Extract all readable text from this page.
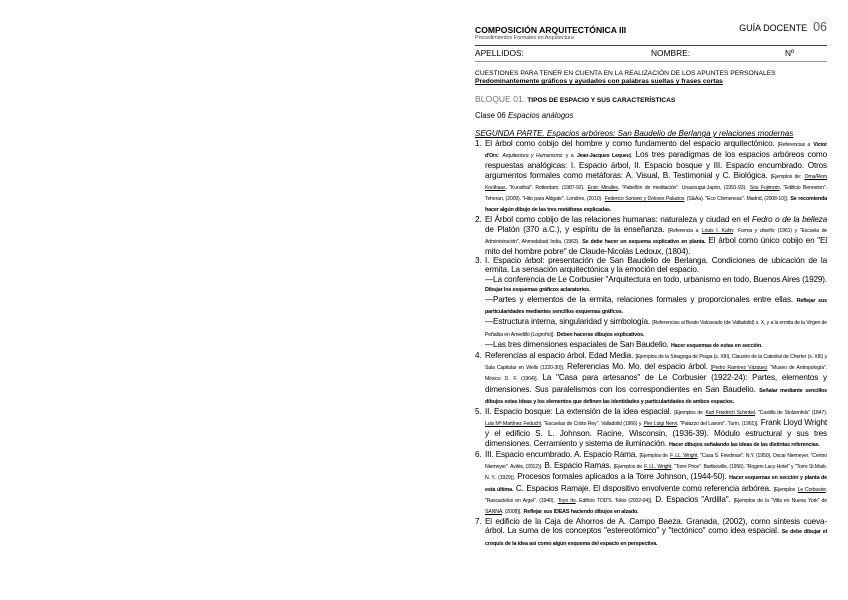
COMPOSICIÓN ARQUITECTÓNICA III	GUÍA DOCENTE 06
Procedimientos Formales en Arquitectura
APELLIDOS:	NOMBRE:	Nº
CUESTIONES PARA TENER EN CUENTA EN LA REALIZACIÓN DE LOS APUNTES PERSONALES
Predominantemente gráficos y ayudados con palabras sueltas y frases cortas
BLOQUE 01. TIPOS DE ESPACIO Y SUS CARACTERÍSTICAS
Clase 06 Espacios análogos
SEGUNDA PARTE. Espacios arbóreos: San Baudelio de Berlanga y relaciones modernas
1. El árbol como cobijo del hombre y como fundamento del espacio arquitectónico. [Referencias a Víctor d'Ors: Arquitectura y Humanismo y a Jean-Jacques Lequeu]. Los tres paradigmas de los espacios arbóreos como respuestas analógicas: I. Espacio árbol, II. Espacio bosque y III. Espacio encumbrado. Otros argumentos formales como metáforas: A. Visual, B. Testimonial y C. Biológica. [Ejemplos de: Oma/Rem Koolhaas, "Kunsthal". Rotterdam, (1987-92). Enric Miralles, "Pabellón de meditación". Unazougui-Japón, (1991-93). Sou Fujimoto, "Edificio Benneton". Teheran, (2009). "Hito para Aldgate". Londres, (2010). Federico Soriano y Dolores Palacios (S&Aa). "Eco Chimeneas". Madrid, (2008-10)]. Se recomienda hacer algún dibujo de las tres metáforas explicadas.
2. El Árbol como cobijo de las relaciones humanas: naturaleza y ciudad en el Fedro o de la belleza de Platón (370 a.C.), y espíritu de la enseñanza. [Referencia a Louis I. Kahn: Forma y diseño (1961) y "Escuela de Administración", Ahmedabad India, (1963). Se debe hacer un esquema explicativo en planta. El árbol como único cobijo en "El mito del hombre pobre" de Claude-Nicolás Ledoux, (1804).
3. I. Espacio árbol: presentación de San Baudelio de Berlanga. Condiciones de ubicación de la ermita. La sensación arquitectónica y la emoción del espacio.
—La conferencia de Le Corbusier "Arquitectura en todo, urbanismo en todo, Buenos Aires (1929). Dibujar los esquemas gráficos aclaratorios.
—Partes y elementos de la ermita, relaciones formales y proporcionales entre ellas. Reflejar sus particularidades mediantes sencillos esquemas gráficos.
—Estructura interna, singularidad y simbología. [Referencias al Beato Valcavado (de Valladolid) s. X, y a la ermita de la Virgen de Peñalba en Arnedillo (Logroño)]. Deben hacerse dibujos explicativos.
—Las tres dimensiones espaciales de San Baudelio. Hacer esquemas de estas en sección.
4. Referencias al espacio árbol. Edad Media. [Ejemplos de la Sinagoga de Praga (s. XIII), Claustro de la Catedral de Cherter (s. XIII) y Sala Capitular en Wells (1220-30)]. Referencias Mo. Mo. del espacio árbol. [Pedro Ramírez Vázquez "Museo de Antropología". México D. F. (1964)]. La "Casa para artesanos" de Le Corbusier (1922-24): Partes, elementos y dimensiones. Sus paralelismos con los correspondientes en San Baudelio. Señalar mediante sencillos dibujos estas ideas y los elementos que definen las identidades y particularidades de ambos espacios.
5. II. Espacio bosque: La extensión de la idea espacial. [Ejemplos de Karl Friedrich Schinkel, "Castillo de Stolzenfels" (1847). Luis Mª Martínez Feduchi, "Escuelas de Cristo Rey". Valladolid (1966) y Pier Luigi Nervi, "Palazzo del Lavoro". Turín, (1961)]. Frank Lloyd Wright y el edificio S. L. Johnson. Racine, Wisconsin, (1936-39). Módulo estructural y sus tres dimensiones. Cerramiento y sistema de iluminación. Hacer dibujos señalando las ideas de las distintas referencias.
6. III. Espacio encumbrado. A. Espacio Rama. [Ejemplos de F. LL. Wright, "Casa S. Friedman". N.Y. (1950). Oscar Niemeyer. "Centro Niemeyer". Avilés, (2012)]. B. Espacio Ramas. [Ejemplos de F. LL. Wright, "Torre Price". Bartlesville, (1956). "Rogers Lacy Hotel" y "Torre St.Mark. N. Y., (1929)]. Procesos formales aplicados a la Torre Johnson, (1944-50). Hacer esquemas en sección y planta de esta última. C. Espacios Ramaje. El dispositivo envolvente como referencia arbórea. [Ejemplos Le Corbusier, "Rascacielos en Argel". (1940). Toyo Ito. Edificio TOD'S. Tokio (2002-04)]. D. Espacios "Ardilla". [Ejemplos de la "Villa en Nueva York" de SANNA, (2008)]. Reflejar sus IDEAS haciendo dibujos en alzado.
7. El edificio de la Caja de Ahorros de A. Campo Baeza. Granada, (2002), como síntesis cueva-árbol. La suma de los conceptos "estereotómico" y "tectónico" como idea espacial. Se debe dibujar el croquis de la idea así como algún esquema del espacio en perspectiva.
